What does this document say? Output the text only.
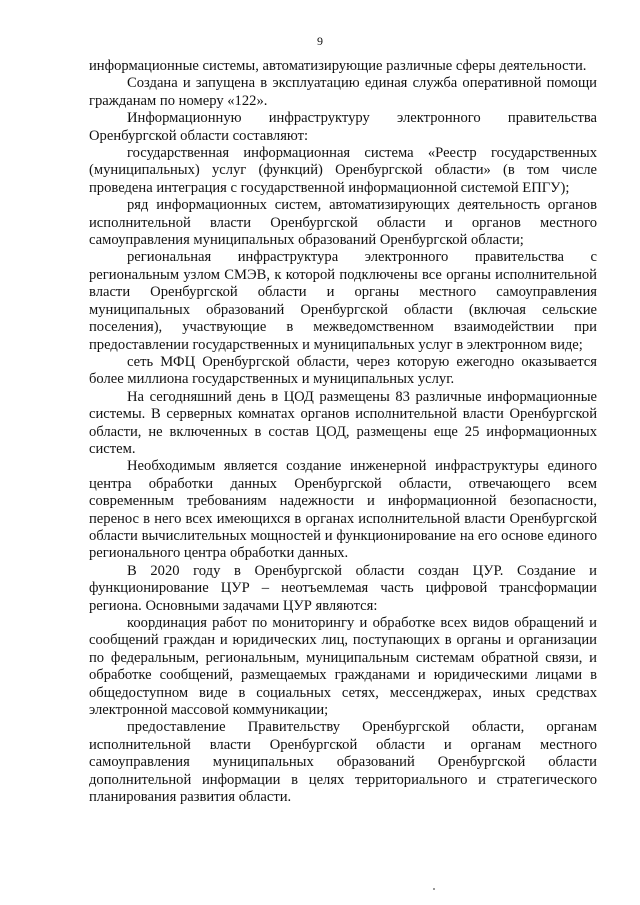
9

информационные системы, автоматизирующие различные сферы деятельности.

Создана и запущена в эксплуатацию единая служба оперативной помощи гражданам по номеру «122».

Информационную инфраструктуру электронного правительства Оренбургской области составляют:

государственная информационная система «Реестр государственных (муниципальных) услуг (функций) Оренбургской области» (в том числе проведена интеграция с государственной информационной системой ЕПГУ);

ряд информационных систем, автоматизирующих деятельность органов исполнительной власти Оренбургской области и органов местного самоуправления муниципальных образований Оренбургской области;

региональная инфраструктура электронного правительства с региональным узлом СМЭВ, к которой подключены все органы исполнительной власти Оренбургской области и органы местного самоуправления муниципальных образований Оренбургской области (включая сельские поселения), участвующие в межведомственном взаимодействии при предоставлении государственных и муниципальных услуг в электронном виде;

сеть МФЦ Оренбургской области, через которую ежегодно оказывается более миллиона государственных и муниципальных услуг.

На сегодняшний день в ЦОД размещены 83 различные информационные системы. В серверных комнатах органов исполнительной власти Оренбургской области, не включенных в состав ЦОД, размещены еще 25 информационных систем.

Необходимым является создание инженерной инфраструктуры единого центра обработки данных Оренбургской области, отвечающего всем современным требованиям надежности и информационной безопасности, перенос в него всех имеющихся в органах исполнительной власти Оренбургской области вычислительных мощностей и функционирование на его основе единого регионального центра обработки данных.

В 2020 году в Оренбургской области создан ЦУР. Создание и функционирование ЦУР – неотъемлемая часть цифровой трансформации региона. Основными задачами ЦУР являются:

координация работ по мониторингу и обработке всех видов обращений и сообщений граждан и юридических лиц, поступающих в органы и организации по федеральным, региональным, муниципальным системам обратной связи, и обработке сообщений, размещаемых гражданами и юридическими лицами в общедоступном виде в социальных сетях, мессенджерах, иных средствах электронной массовой коммуникации;

предоставление Правительству Оренбургской области, органам исполнительной власти Оренбургской области и органам местного самоуправления муниципальных образований Оренбургской области дополнительной информации в целях территориального и стратегического планирования развития области.
